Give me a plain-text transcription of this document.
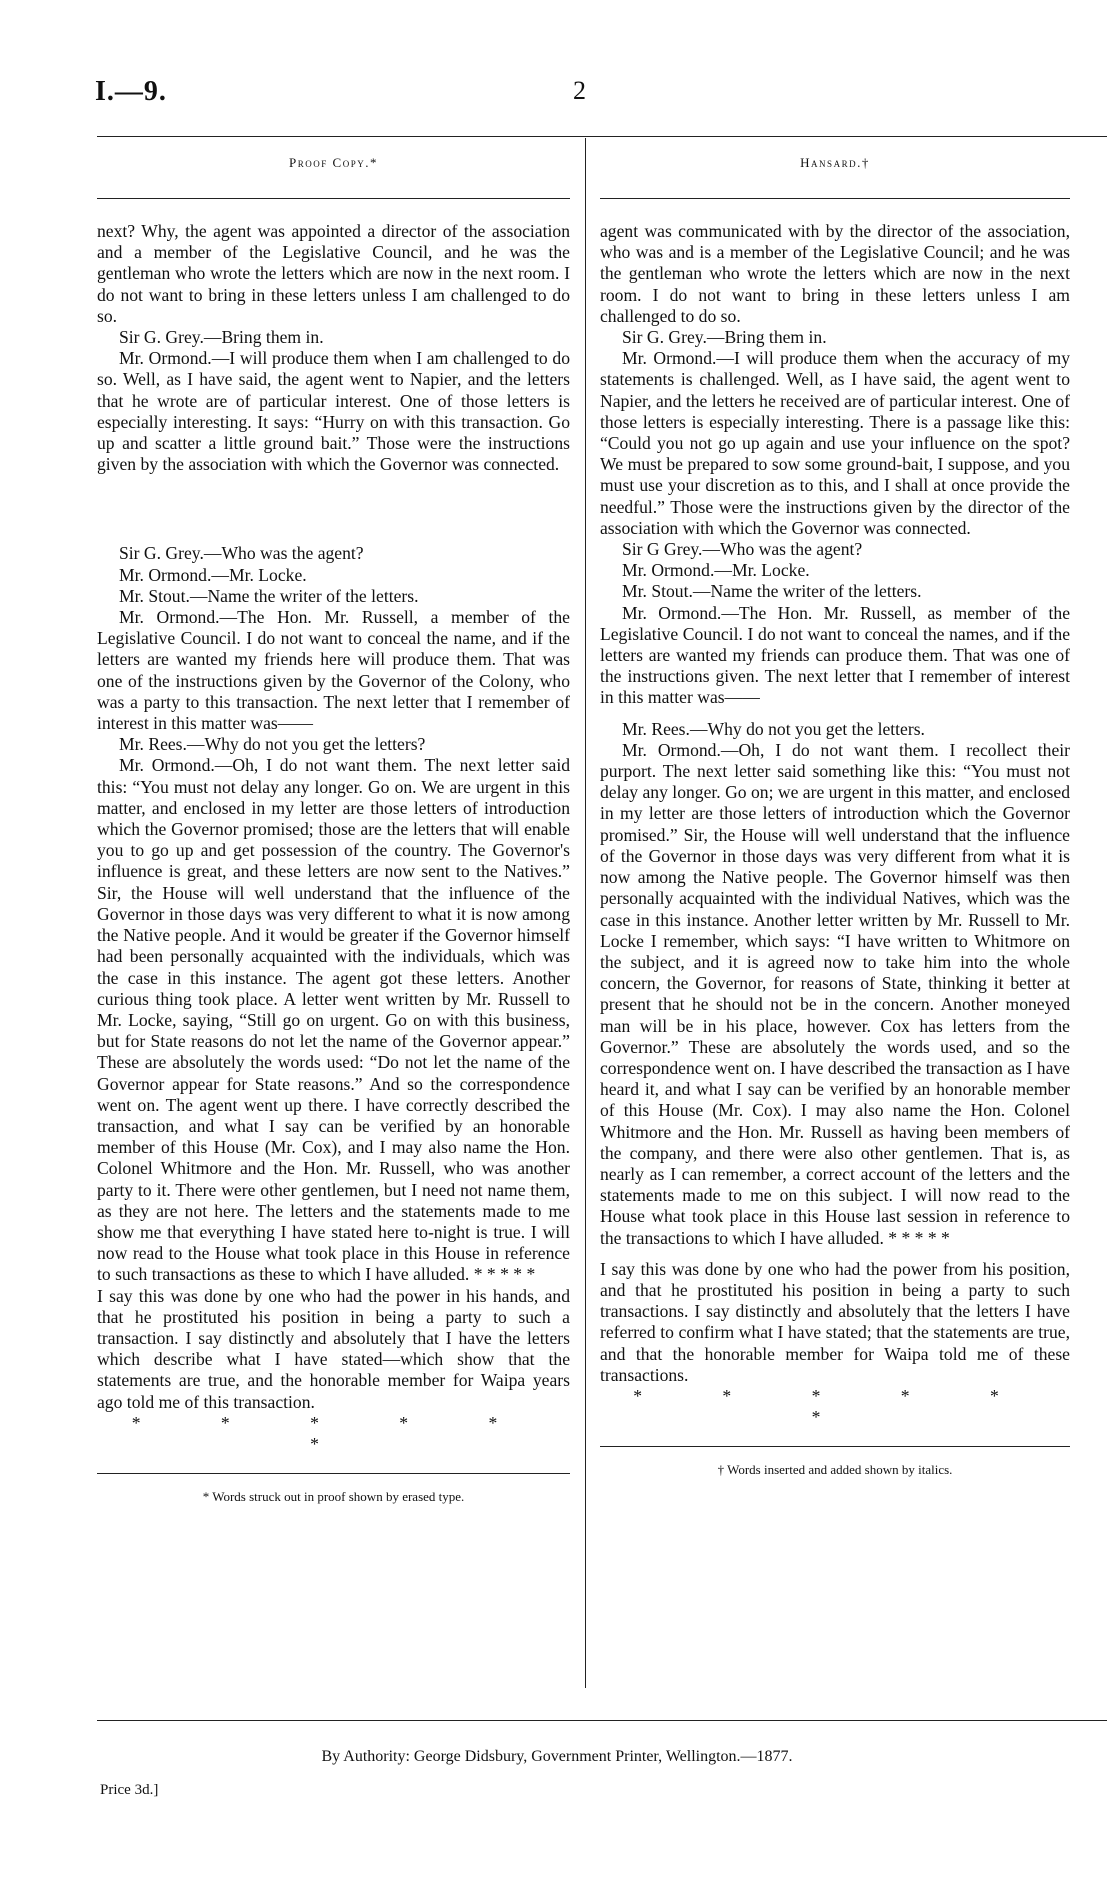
I.—9.	2
Proof Copy.*

next? Why, the agent was appointed a director of the association and a member of the Legislative Council, and he was the gentleman who wrote the letters which are now in the next room. I do not want to bring in these letters unless I am challenged to do so.

Sir G. Grey.—Bring them in.

Mr. Ormond.—I will produce them when I am challenged to do so. Well, as I have said, the agent went to Napier, and the letters that he wrote are of particular interest. One of those letters is especially interesting. It says: “Hurry on with this transaction. Go up and scatter a little ground bait.” Those were the instructions given by the association with which the Governor was connected.

Sir G. Grey.—Who was the agent?

Mr. Ormond.—Mr. Locke.

Mr. Stout.—Name the writer of the letters.

Mr. Ormond.—The Hon. Mr. Russell, a member of the Legislative Council. I do not want to conceal the name, and if the letters are wanted my friends here will produce them. That was one of the instructions given by the Governor of the Colony, who was a party to this transaction. The next letter that I remember of interest in this matter was——

Mr. Rees.—Why do not you get the letters?

Mr. Ormond.—Oh, I do not want them. The next letter said this: “You must not delay any longer. Go on. We are urgent in this matter, and enclosed in my letter are those letters of introduction which the Governor promised; those are the letters that will enable you to go up and get possession of the country. The Governor's influence is great, and these letters are now sent to the Natives.” Sir, the House will well understand that the influence of the Governor in those days was very different to what it is now among the Native people. And it would be greater if the Governor himself had been personally acquainted with the individuals, which was the case in this instance. The agent got these letters. Another curious thing took place. A letter went written by Mr. Russell to Mr. Locke, saying, “Still go on urgent. Go on with this business, but for State reasons do not let the name of the Governor appear.” These are absolutely the words used: “Do not let the name of the Governor appear for State reasons.” And so the correspondence went on. The agent went up there. I have correctly described the transaction, and what I say can be verified by an honorable member of this House (Mr. Cox), and I may also name the Hon. Colonel Whitmore and the Hon. Mr. Russell, who was another party to it. There were other gentlemen, but I need not name them, as they are not here. The letters and the statements made to me show me that everything I have stated here to-night is true. I will now read to the House what took place in this House in reference to such transactions as these to which I have alluded. * * * * *

I say this was done by one who had the power in his hands, and that he prostituted his position in being a party to such a transaction. I say distinctly and absolutely that I have the letters which describe what I have stated—which show that the statements are true, and the honorable member for Waipa years ago told me of this transaction.

* * * * * *

* Words struck out in proof shown by erased type.
Hansard.†

agent was communicated with by the director of the association, who was and is a member of the Legislative Council; and he was the gentleman who wrote the letters which are now in the next room. I do not want to bring in these letters unless I am challenged to do so.

Sir G. Grey.—Bring them in.

Mr. Ormond.—I will produce them when the accuracy of my statements is challenged. Well, as I have said, the agent went to Napier, and the letters he received are of particular interest. One of those letters is especially interesting. There is a passage like this: “Could you not go up again and use your influence on the spot? We must be prepared to sow some ground-bait, I suppose, and you must use your discretion as to this, and I shall at once provide the needful.” Those were the instructions given by the director of the association with which the Governor was connected.

Sir G Grey.—Who was the agent?

Mr. Ormond.—Mr. Locke.

Mr. Stout.—Name the writer of the letters.

Mr. Ormond.—The Hon. Mr. Russell, as member of the Legislative Council. I do not want to conceal the names, and if the letters are wanted my friends can produce them. That was one of the instructions given. The next letter that I remember of interest in this matter was——

Mr. Rees.—Why do not you get the letters.

Mr. Ormond.—Oh, I do not want them. I recollect their purport. The next letter said something like this: “You must not delay any longer. Go on; we are urgent in this matter, and enclosed in my letter are those letters of introduction which the Governor promised.” Sir, the House will well understand that the influence of the Governor in those days was very different from what it is now among the Native people. The Governor himself was then personally acquainted with the individual Natives, which was the case in this instance. Another letter written by Mr. Russell to Mr. Locke I remember, which says: “I have written to Whitmore on the subject, and it is agreed now to take him into the whole concern, the Governor, for reasons of State, thinking it better at present that he should not be in the concern. Another moneyed man will be in his place, however. Cox has letters from the Governor.” These are absolutely the words used, and so the correspondence went on. I have described the transaction as I have heard it, and what I say can be verified by an honorable member of this House (Mr. Cox). I may also name the Hon. Colonel Whitmore and the Hon. Mr. Russell as having been members of the company, and there were also other gentlemen. That is, as nearly as I can remember, a correct account of the letters and the statements made to me on this subject. I will now read to the House what took place in this House last session in reference to the transactions to which I have alluded. * * * * *

I say this was done by one who had the power from his position, and that he prostituted his position in being a party to such transactions. I say distinctly and absolutely that the letters I have referred to confirm what I have stated; that the statements are true, and that the honorable member for Waipa told me of these transactions.

* * * * * *

† Words inserted and added shown by italics.
By Authority: George Didsbury, Government Printer, Wellington.—1877.
Price 3d.]
